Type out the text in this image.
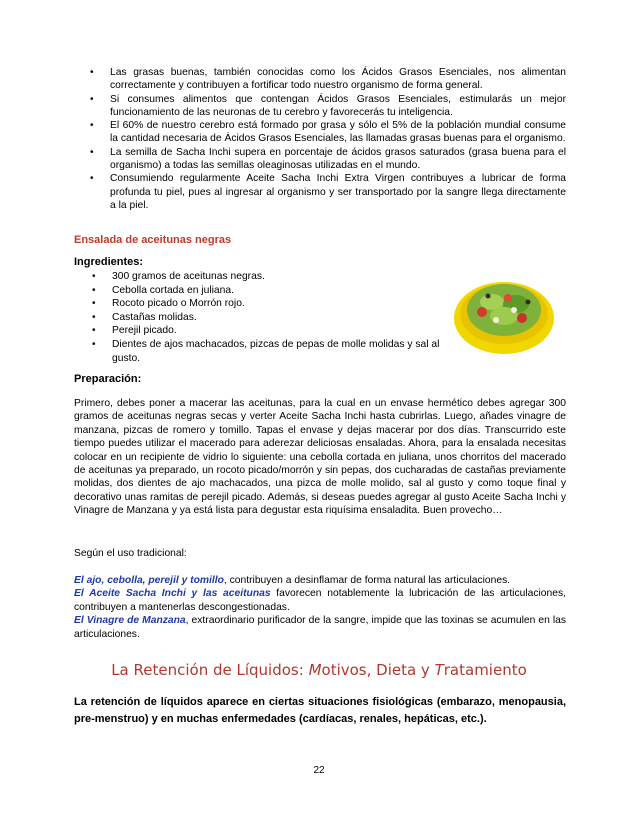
• Las grasas buenas, también conocidas como los Ácidos Grasos Esenciales, nos alimentan correctamente y contribuyen a fortificar todo nuestro organismo de forma general.
• Si consumes alimentos que contengan Ácidos Grasos Esenciales, estimularás un mejor funcionamiento de las neuronas de tu cerebro y favorecerás tu inteligencia.
• El 60% de nuestro cerebro está formado por grasa y sólo el 5% de la población mundial consume la cantidad necesaria de Ácidos Grasos Esenciales, las llamadas grasas buenas para el organismo.
• La semilla de Sacha Inchi supera en porcentaje de ácidos grasos saturados (grasa buena para el organismo) a todas las semillas oleaginosas utilizadas en el mundo.
• Consumiendo regularmente Aceite Sacha Inchi Extra Virgen contribuyes a lubricar de forma profunda tu piel, pues al ingresar al organismo y ser transportado por la sangre llega directamente a la piel.
Ensalada de aceitunas negras
Ingredientes:
• 300 gramos de aceitunas negras.
• Cebolla cortada en juliana.
• Rocoto picado o Morrón rojo.
• Castañas molidas.
• Perejil picado.
• Dientes de ajos machacados, pizcas de pepas de molle molidas y sal al gusto.
Preparación:

Primero, debes poner a macerar las aceitunas, para la cual en un envase hermético debes agregar 300 gramos de aceitunas negras secas y verter Aceite Sacha Inchi hasta cubrirlas. Luego, añades vinagre de manzana, pizcas de romero y tomillo. Tapas el envase y dejas macerar por dos días. Transcurrido este tiempo puedes utilizar el macerado para aderezar deliciosas ensaladas. Ahora, para la ensalada necesitas colocar en un recipiente de vidrio lo siguiente: una cebolla cortada en juliana, unos chorritos del macerado de aceitunas ya preparado, un rocoto picado/morrón y sin pepas, dos cucharadas de castañas previamente molidas, dos dientes de ajo machacados, una pizca de molle molido, sal al gusto y como toque final y decorativo unas ramitas de perejil picado. Además, si deseas puedes agregar al gusto Aceite Sacha Inchi y Vinagre de Manzana y ya está lista para degustar esta riquísima ensaladita. Buen provecho…

Según el uso tradicional:

El ajo, cebolla, perejil y tomillo, contribuyen a desinflamar de forma natural las articulaciones.
El Aceite Sacha Inchi y las aceitunas favorecen notablemente la lubricación de las articulaciones, contribuyen a mantenerlas descongestionadas.
El Vinagre de Manzana, extraordinario purificador de la sangre, impide que las toxinas se acumulen en las articulaciones.

La Retención de Líquidos: Motivos, Dieta y Tratamiento

La retención de líquidos aparece en ciertas situaciones fisiológicas (embarazo, menopausia, pre-menstruo) y en muchas enfermedades (cardíacas, renales, hepáticas, etc.).

22
